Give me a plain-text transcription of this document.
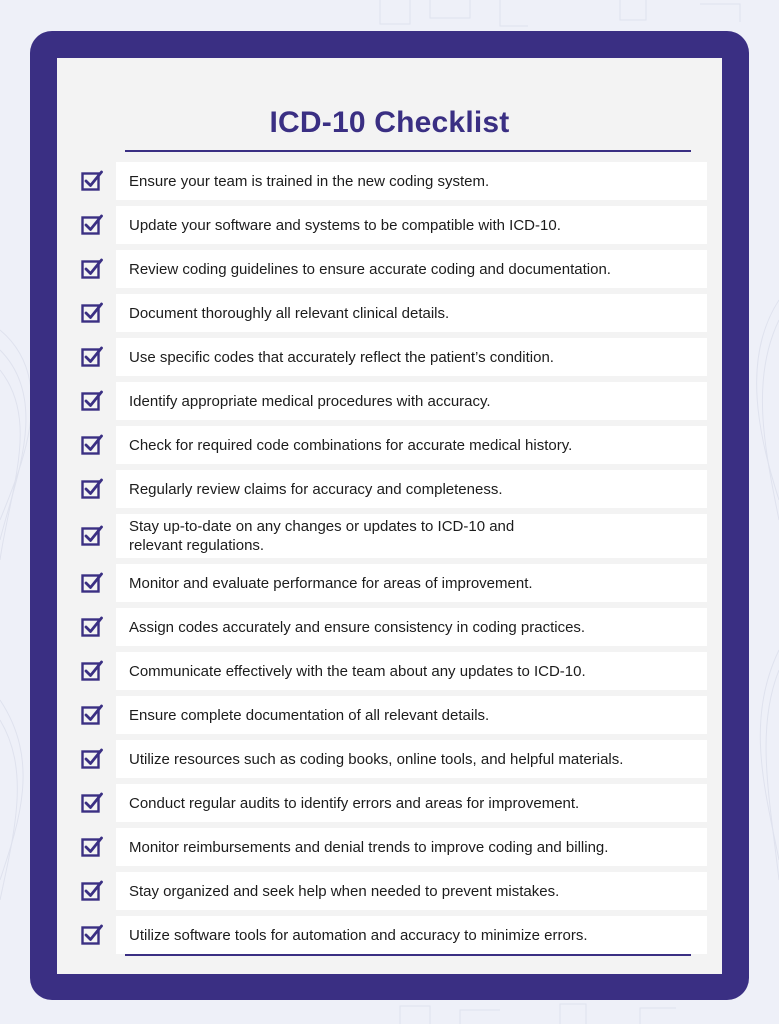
ICD-10 Checklist
Ensure your team is trained in the new coding system.
Update your software and systems to be compatible with ICD-10.
Review coding guidelines to ensure accurate coding and documentation.
Document thoroughly all relevant clinical details.
Use specific codes that accurately reflect the patient’s condition.
Identify appropriate medical procedures with accuracy.
Check for required code combinations for accurate medical history.
Regularly review claims for accuracy and completeness.
Stay up-to-date on any changes or updates to ICD-10 and
relevant regulations.
Monitor and evaluate performance for areas of improvement.
Assign codes accurately and ensure consistency in coding practices.
Communicate effectively with the team about any updates to ICD-10.
Ensure complete documentation of all relevant details.
Utilize resources such as coding books, online tools, and helpful materials.
Conduct regular audits to identify errors and areas for improvement.
Monitor reimbursements and denial trends to improve coding and billing.
Stay organized and seek help when needed to prevent mistakes.
Utilize software tools for automation and accuracy to minimize errors.
